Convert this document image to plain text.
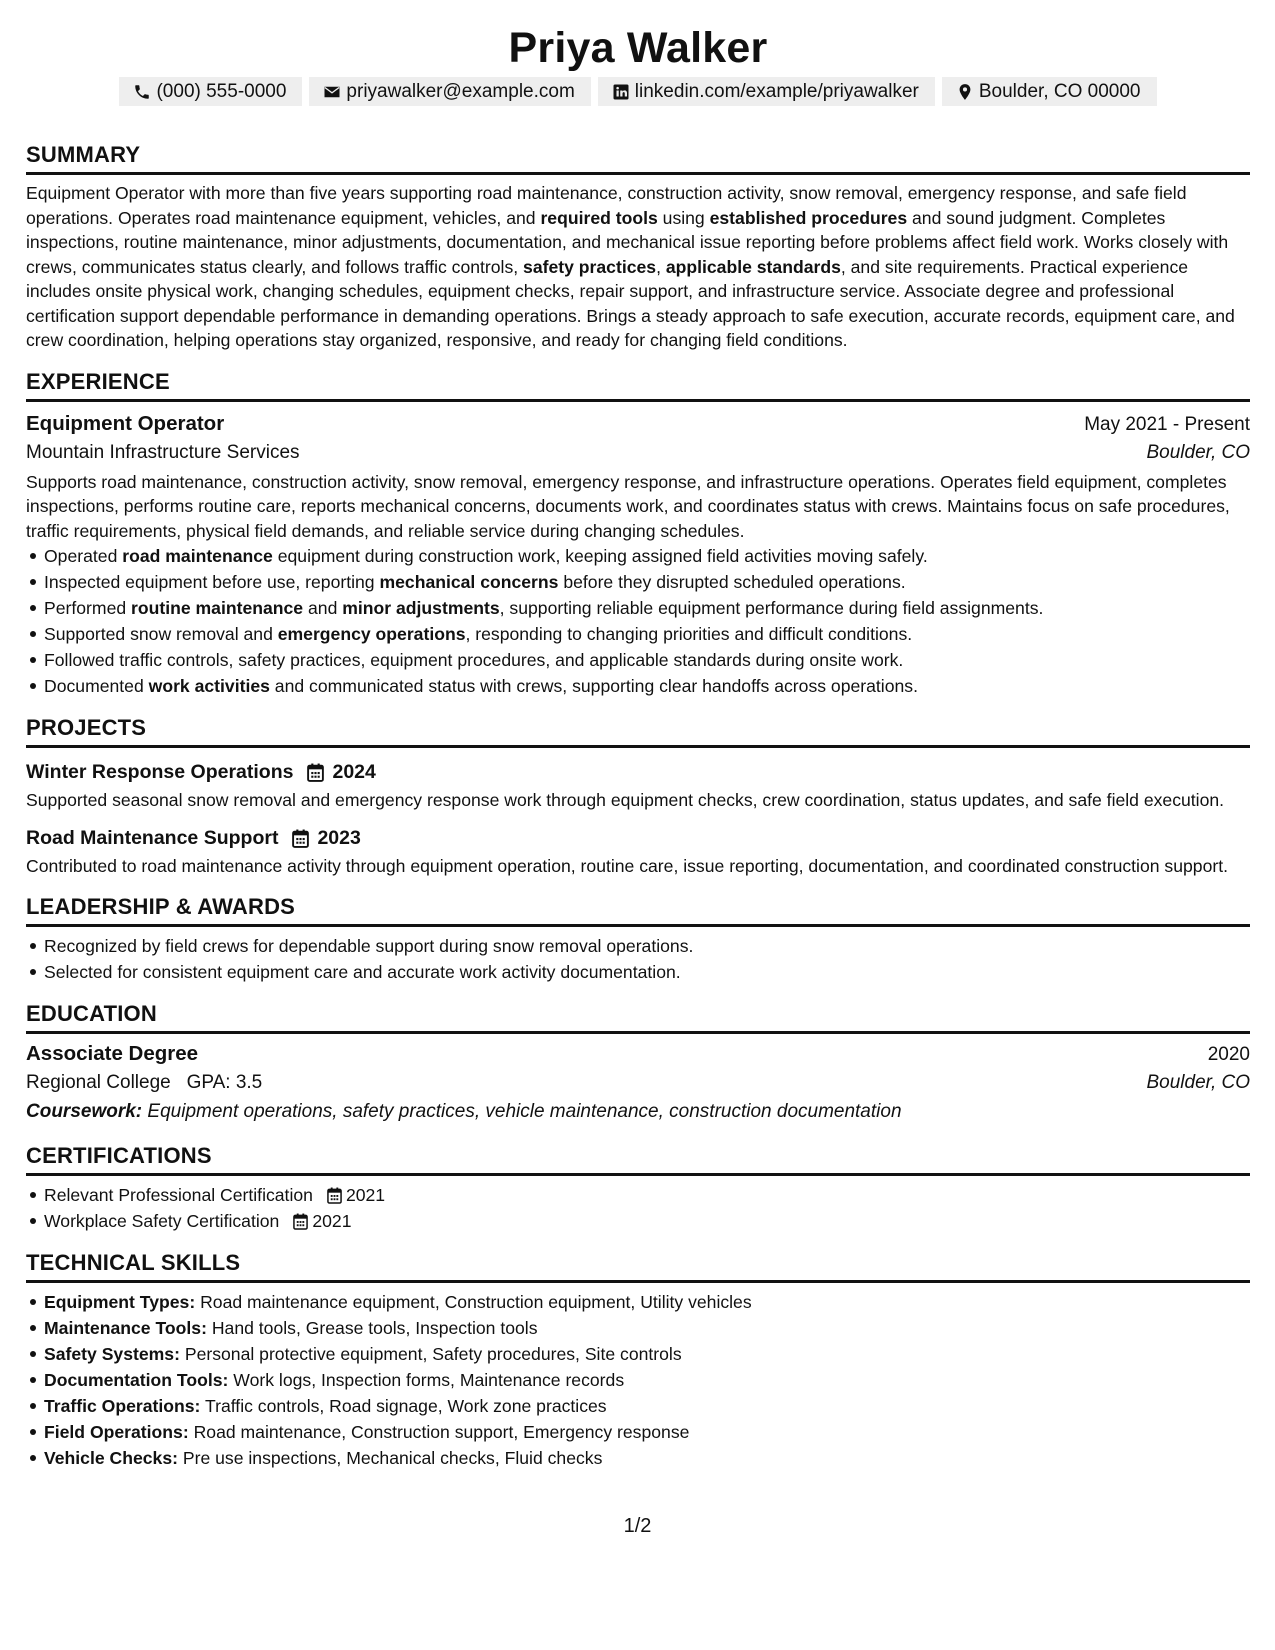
Priya Walker
(000) 555-0000	priyawalker@example.com	linkedin.com/example/priyawalker	Boulder, CO 00000
SUMMARY

Equipment Operator with more than five years supporting road maintenance, construction activity, snow removal, emergency response, and safe field operations. Operates road maintenance equipment, vehicles, and required tools using established procedures and sound judgment. Completes inspections, routine maintenance, minor adjustments, documentation, and mechanical issue reporting before problems affect field work. Works closely with crews, communicates status clearly, and follows traffic controls, safety practices, applicable standards, and site requirements. Practical experience includes onsite physical work, changing schedules, equipment checks, repair support, and infrastructure service. Associate degree and professional certification support dependable performance in demanding operations. Brings a steady approach to safe execution, accurate records, equipment care, and crew coordination, helping operations stay organized, responsive, and ready for changing field conditions.

EXPERIENCE
Equipment Operator	May 2021 - Present
Mountain Infrastructure Services	Boulder, CO

Supports road maintenance, construction activity, snow removal, emergency response, and infrastructure operations. Operates field equipment, completes inspections, performs routine care, reports mechanical concerns, documents work, and coordinates status with crews. Maintains focus on safe procedures, traffic requirements, physical field demands, and reliable service during changing schedules.

Operated road maintenance equipment during construction work, keeping assigned field activities moving safely.
Inspected equipment before use, reporting mechanical concerns before they disrupted scheduled operations.
Performed routine maintenance and minor adjustments, supporting reliable equipment performance during field assignments.
Supported snow removal and emergency operations, responding to changing priorities and difficult conditions.
Followed traffic controls, safety practices, equipment procedures, and applicable standards during onsite work.
Documented work activities and communicated status with crews, supporting clear handoffs across operations.
PROJECTS
Winter Response Operations 2024

Supported seasonal snow removal and emergency response work through equipment checks, crew coordination, status updates, and safe field execution.

Road Maintenance Support 2023

Contributed to road maintenance activity through equipment operation, routine care, issue reporting, documentation, and coordinated construction support.

LEADERSHIP & AWARDS
Recognized by field crews for dependable support during snow removal operations.
Selected for consistent equipment care and accurate work activity documentation.
EDUCATION
Associate Degree	2020
Regional College GPA: 3.5	Boulder, CO
Coursework: Equipment operations, safety practices, vehicle maintenance, construction documentation
CERTIFICATIONS
Relevant Professional Certification 2021
Workplace Safety Certification 2021
TECHNICAL SKILLS
Equipment Types: Road maintenance equipment, Construction equipment, Utility vehicles
Maintenance Tools: Hand tools, Grease tools, Inspection tools
Safety Systems: Personal protective equipment, Safety procedures, Site controls
Documentation Tools: Work logs, Inspection forms, Maintenance records
Traffic Operations: Traffic controls, Road signage, Work zone practices
Field Operations: Road maintenance, Construction support, Emergency response
Vehicle Checks: Pre use inspections, Mechanical checks, Fluid checks
1/2
